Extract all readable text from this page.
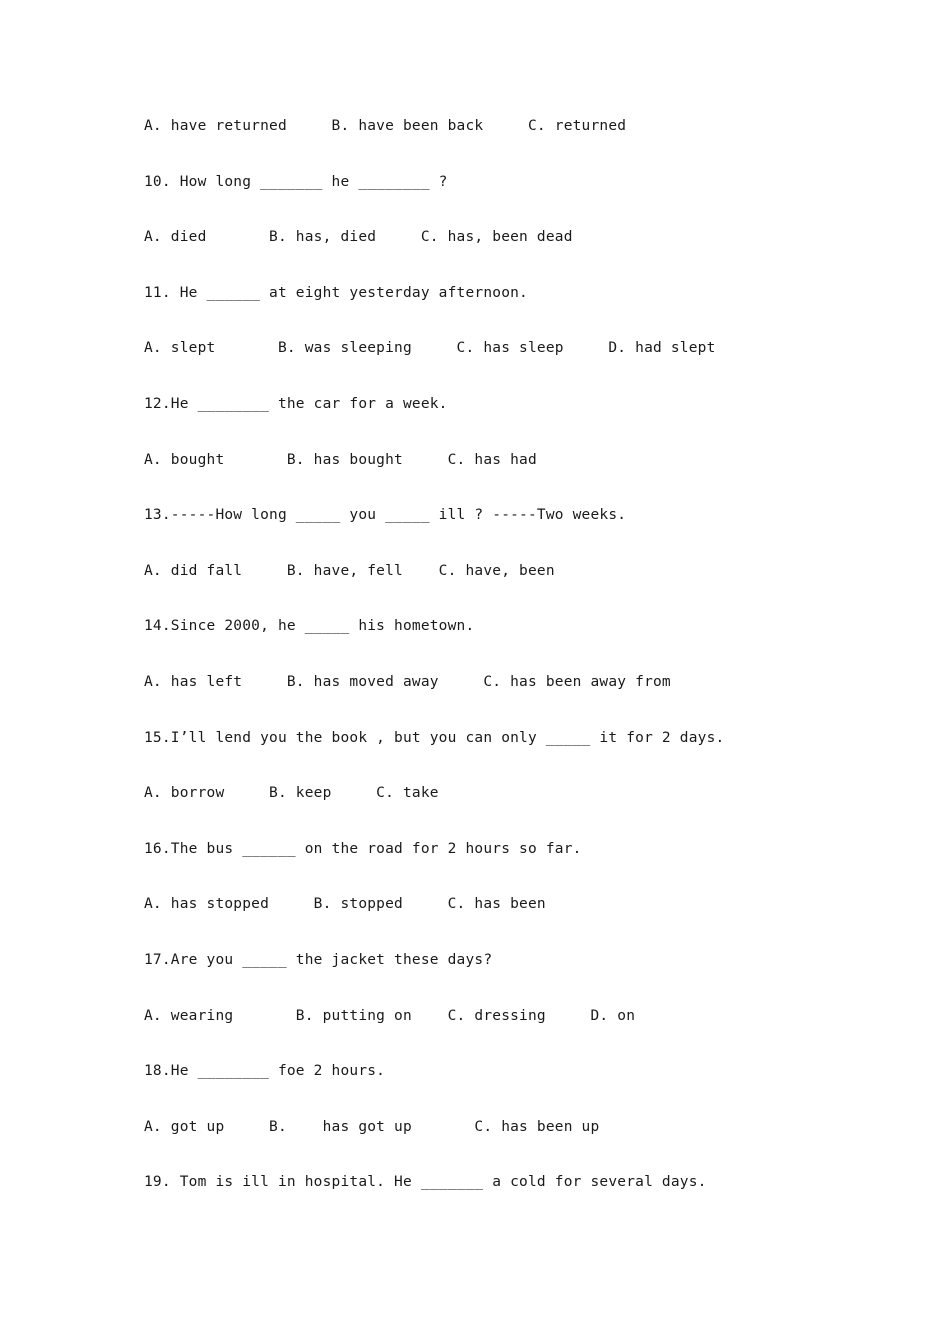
A. have returned     B. have been back     C. returned
10. How long _______ he ________ ?
A. died       B. has, died     C. has, been dead
11. He ______ at eight yesterday afternoon.
A. slept       B. was sleeping     C. has sleep     D. had slept
12.He ________ the car for a week.
A. bought       B. has bought     C. has had
13.-----How long _____ you _____ ill ? -----Two weeks.
A. did fall     B. have, fell    C. have, been
14.Since 2000, he _____ his hometown.
A. has left     B. has moved away     C. has been away from
15.I’ll lend you the book , but you can only _____ it for 2 days.
A. borrow     B. keep     C. take
16.The bus ______ on the road for 2 hours so far.
A. has stopped     B. stopped     C. has been
17.Are you _____ the jacket these days?
A. wearing       B. putting on    C. dressing     D. on
18.He ________ foe 2 hours.
A. got up     B.    has got up       C. has been up
19. Tom is ill in hospital. He _______ a cold for several days.
